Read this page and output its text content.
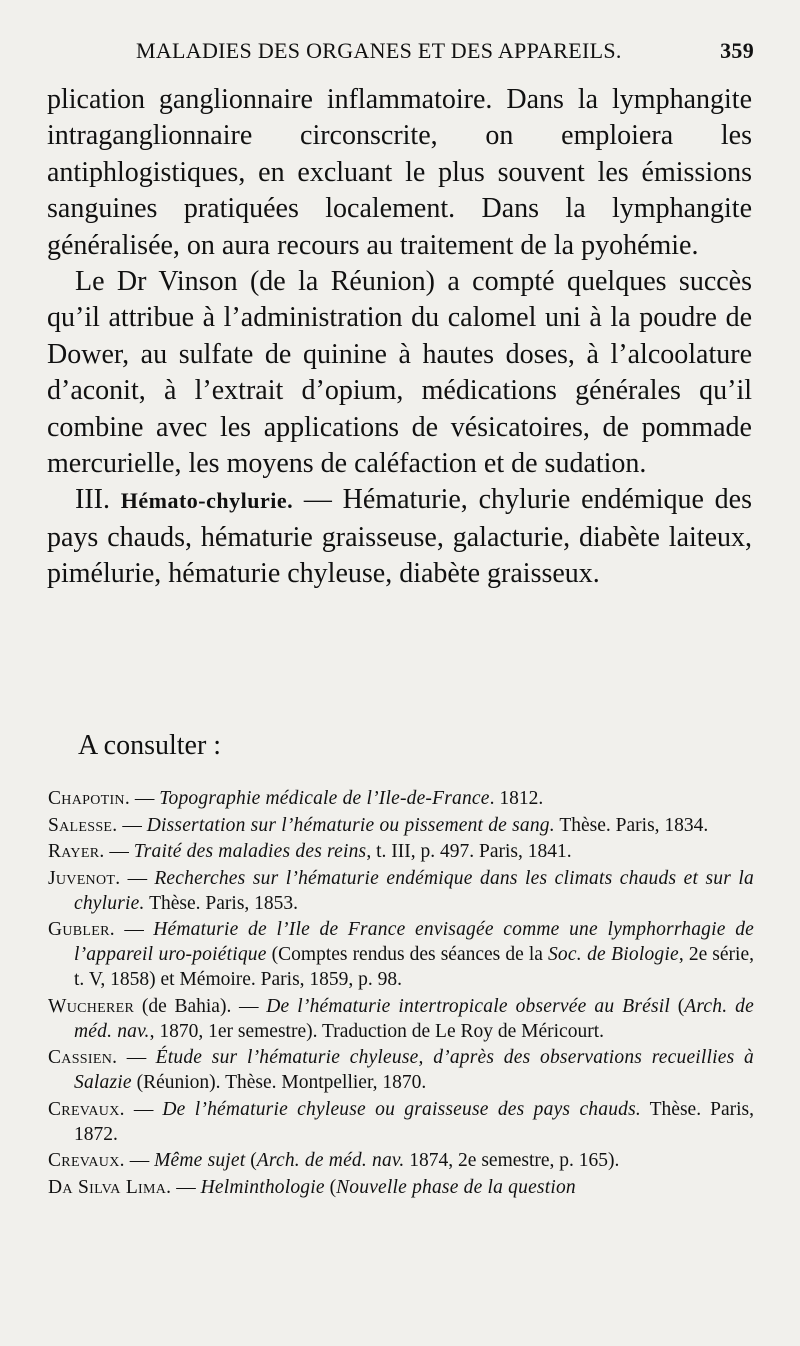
MALADIES DES ORGANES ET DES APPAREILS.	359

plication ganglionnaire inflammatoire. Dans la lymphangite intraganglionnaire circonscrite, on emploiera les antiphlogistiques, en excluant le plus souvent les émissions sanguines pratiquées localement. Dans la lymphangite généralisée, on aura recours au traitement de la pyohémie.

Le Dr Vinson (de la Réunion) a compté quelques succès qu’il attribue à l’administration du calomel uni à la poudre de Dower, au sulfate de quinine à hautes doses, à l’alcoolature d’aconit, à l’extrait d’opium, médications générales qu’il combine avec les applications de vésicatoires, de pommade mercurielle, les moyens de caléfaction et de sudation.

III. Hémato-chylurie. — Hématurie, chylurie endémique des pays chauds, hématurie graisseuse, galacturie, diabète laiteux, pimélurie, hématurie chyleuse, diabète graisseux.

A consulter :

Chapotin. — Topographie médicale de l’Ile-de-France. 1812.

Salesse. — Dissertation sur l’hématurie ou pissement de sang. Thèse. Paris, 1834.

Rayer. — Traité des maladies des reins, t. III, p. 497. Paris, 1841.

Juvenot. — Recherches sur l’hématurie endémique dans les climats chauds et sur la chylurie. Thèse. Paris, 1853.

Gubler. — Hématurie de l’Ile de France envisagée comme une lymphorrhagie de l’appareil uro-poiétique (Comptes rendus des séances de la Soc. de Biologie, 2e série, t. V, 1858) et Mémoire. Paris, 1859, p. 98.

Wucherer (de Bahia). — De l’hématurie intertropicale observée au Brésil (Arch. de méd. nav., 1870, 1er semestre). Traduction de Le Roy de Méricourt.

Cassien. — Étude sur l’hématurie chyleuse, d’après des observations recueillies à Salazie (Réunion). Thèse. Montpellier, 1870.

Crevaux. — De l’hématurie chyleuse ou graisseuse des pays chauds. Thèse. Paris, 1872.

Crevaux. — Même sujet (Arch. de méd. nav. 1874, 2e semestre, p. 165).

Da Silva Lima. — Helminthologie (Nouvelle phase de la question
